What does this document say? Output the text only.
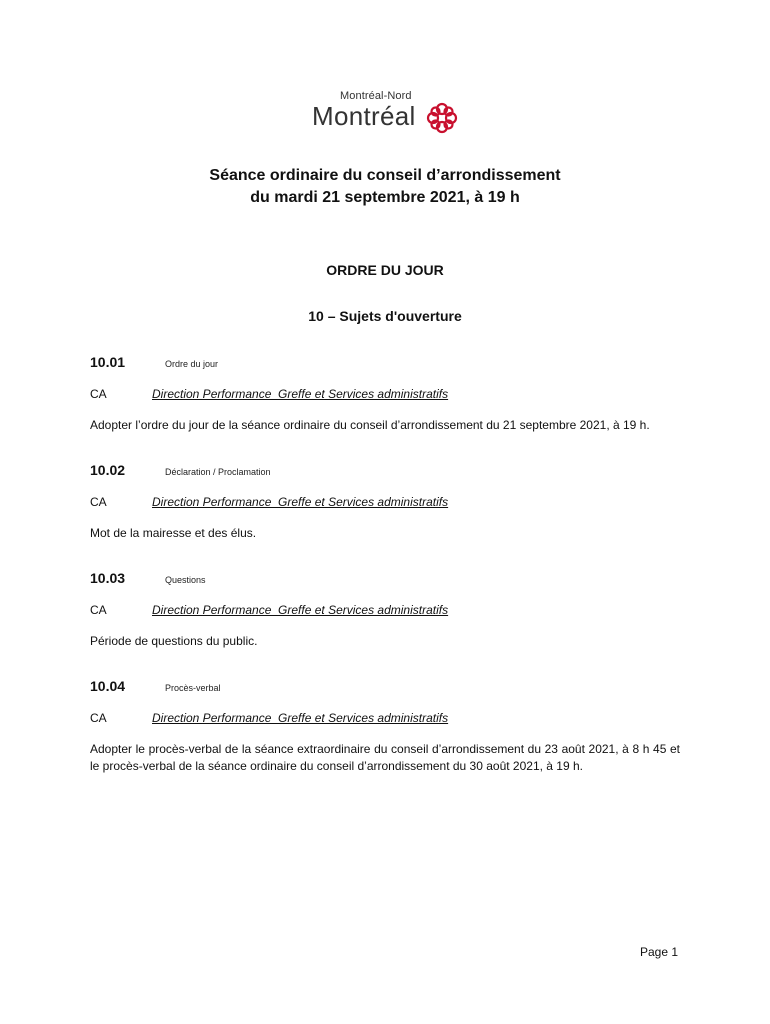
Montréal-Nord
Montréal
Séance ordinaire du conseil d’arrondissement
du mardi 21 septembre 2021, à 19 h
ORDRE DU JOUR
10 – Sujets d'ouverture
10.01	Ordre du jour
CA	Direction Performance_Greffe et Services administratifs
Adopter l’ordre du jour de la séance ordinaire du conseil d’arrondissement du 21 septembre 2021, à 19 h.
10.02	Déclaration / Proclamation
CA	Direction Performance_Greffe et Services administratifs
Mot de la mairesse et des élus.
10.03	Questions
CA	Direction Performance_Greffe et Services administratifs
Période de questions du public.
10.04	Procès-verbal
CA	Direction Performance_Greffe et Services administratifs
Adopter le procès-verbal de la séance extraordinaire du conseil d’arrondissement du 23 août 2021, à 8 h 45 et le procès-verbal de la séance ordinaire du conseil d’arrondissement du 30 août 2021, à 19 h.
Page 1
